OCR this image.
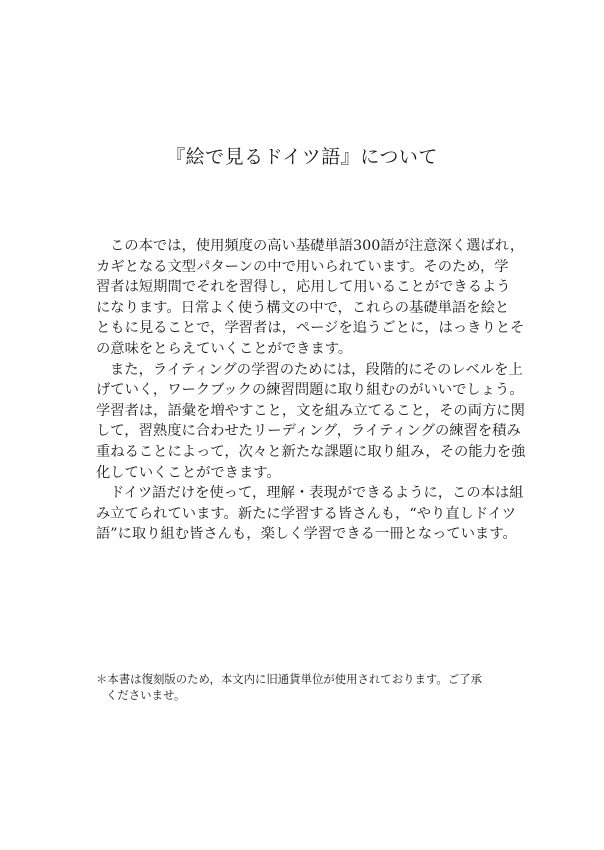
『絵で見るドイツ語』について
この本では，使用頻度の高い基礎単語300語が注意深く選ばれ，
カギとなる文型パターンの中で用いられています。そのため，学
習者は短期間でそれを習得し，応用して用いることができるよう
になります。日常よく使う構文の中で，これらの基礎単語を絵と
ともに見ることで，学習者は，ページを追うごとに，はっきりとそ
の意味をとらえていくことができます。
また，ライティングの学習のためには，段階的にそのレベルを上
げていく，ワークブックの練習問題に取り組むのがいいでしょう。
学習者は，語彙を増やすこと，文を組み立てること，その両方に関
して，習熟度に合わせたリーディング，ライティングの練習を積み
重ねることによって，次々と新たな課題に取り組み，その能力を強
化していくことができます。
ドイツ語だけを使って，理解・表現ができるように，この本は組
み立てられています。新たに学習する皆さんも，“やり直しドイツ
語”に取り組む皆さんも，楽しく学習できる一冊となっています。
＊本書は復刻版のため，本文内に旧通貨単位が使用されております。ご了承
くださいませ。
